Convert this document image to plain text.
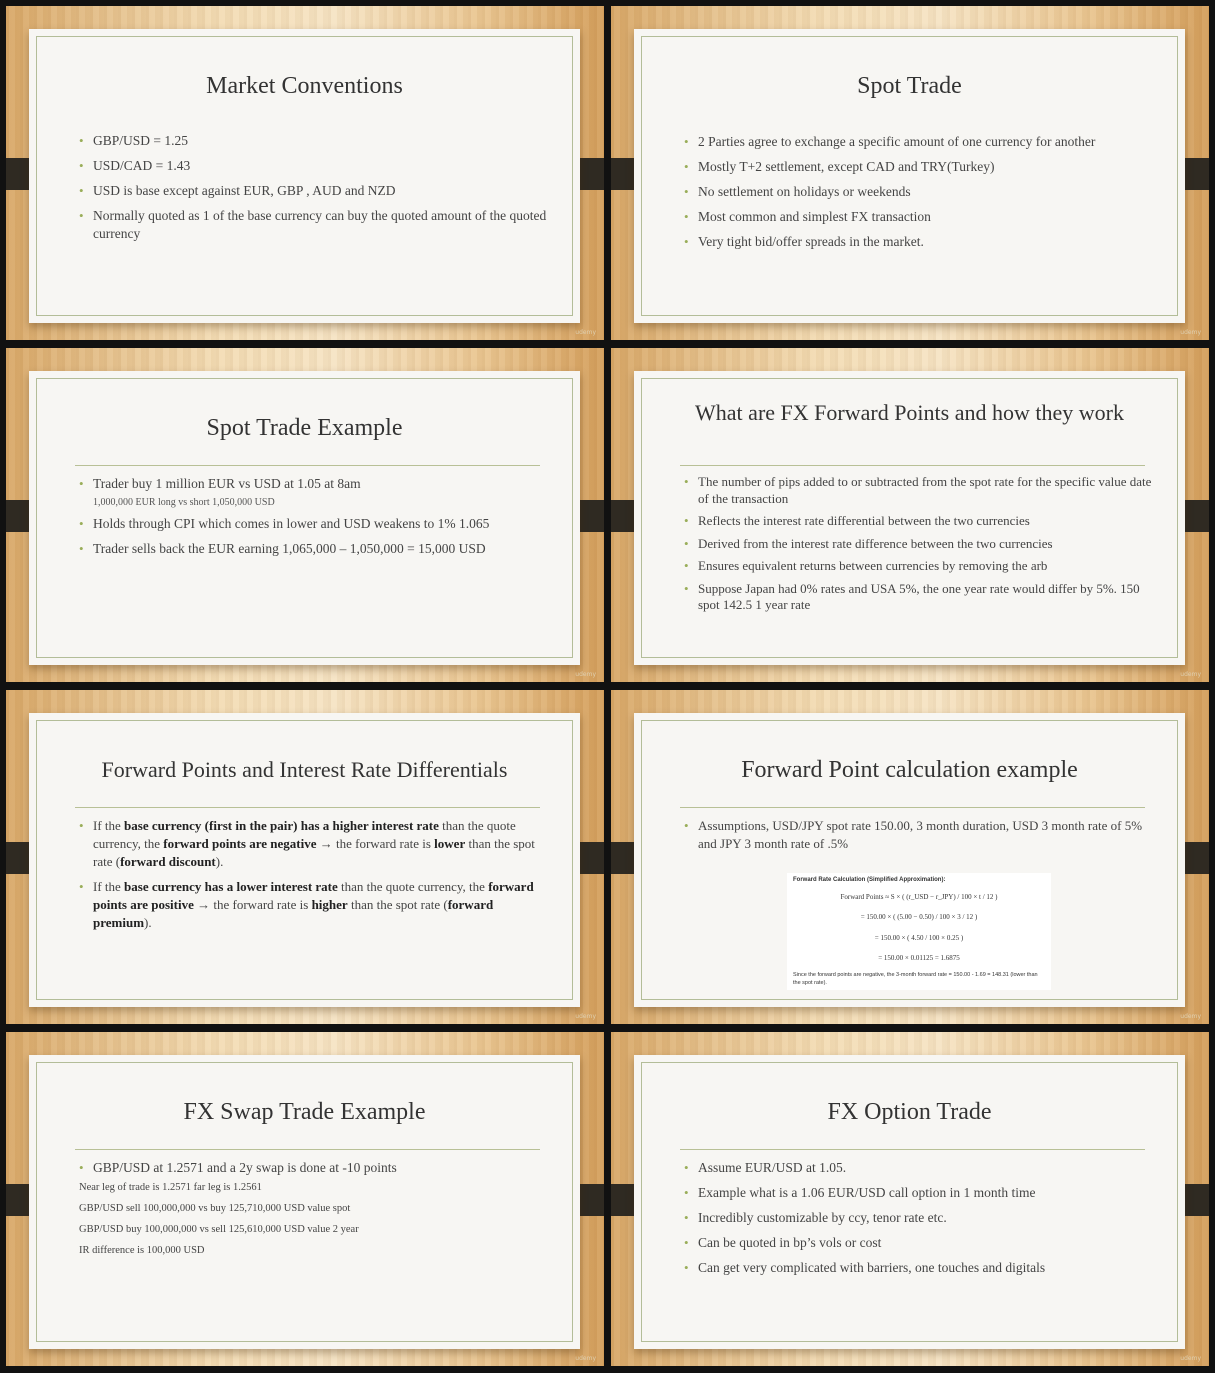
Market Conventions
• GBP/USD = 1.25
• USD/CAD = 1.43
• USD is base except against EUR, GBP , AUD and NZD
• Normally quoted as 1 of the base currency can buy the quoted amount of the quoted currency
udemy
Spot Trade
• 2 Parties agree to exchange a specific amount of one currency for another
• Mostly T+2 settlement, except CAD and TRY(Turkey)
• No settlement on holidays or weekends
• Most common and simplest FX transaction
• Very tight bid/offer spreads in the market.
udemy
Spot Trade Example
• Trader buy 1 million EUR vs USD at 1.05 at 8am
1,000,000 EUR long vs short 1,050,000 USD
• Holds through CPI which comes in lower and USD weakens to 1% 1.065
• Trader sells back the EUR earning 1,065,000 – 1,050,000 = 15,000 USD
udemy
What are FX Forward Points and how they work
• The number of pips added to or subtracted from the spot rate for the specific value date of the transaction
• Reflects the interest rate differential between the two currencies
• Derived from the interest rate difference between the two currencies
• Ensures equivalent returns between currencies by removing the arb
• Suppose Japan had 0% rates and USA 5%, the one year rate would differ by 5%. 150 spot 142.5 1 year rate
udemy
Forward Points and Interest Rate Differentials
• If the base currency (first in the pair) has a higher interest rate than the quote currency, the forward points are negative → the forward rate is lower than the spot rate (forward discount).
• If the base currency has a lower interest rate than the quote currency, the forward points are positive → the forward rate is higher than the spot rate (forward premium).
udemy
Forward Point calculation example
• Assumptions, USD/JPY spot rate 150.00, 3 month duration, USD 3 month rate of 5% and JPY 3 month rate of .5%
Forward Rate Calculation (Simplified Approximation):
Forward Points ≈ S × ( (r_USD − r_JPY) / 100 × t / 12 )
= 150.00 × ( (5.00 − 0.50) / 100 × 3 / 12 )
= 150.00 × ( 4.50 / 100 × 0.25 )
= 150.00 × 0.01125 = 1.6875
Since the forward points are negative, the 3-month forward rate = 150.00 - 1.69 = 148.31 (lower than the spot rate).
udemy
FX Swap Trade Example
• GBP/USD at 1.2571 and a 2y swap is done at -10 points
Near leg of trade is 1.2571 far leg is 1.2561
GBP/USD sell 100,000,000 vs buy 125,710,000 USD value spot
GBP/USD buy 100,000,000 vs sell 125,610,000 USD value 2 year
IR difference is 100,000 USD
udemy
FX Option Trade
• Assume EUR/USD at 1.05.
• Example what is a 1.06 EUR/USD call option in 1 month time
• Incredibly customizable by ccy, tenor rate etc.
• Can be quoted in bp’s vols or cost
• Can get very complicated with barriers, one touches and digitals
udemy
